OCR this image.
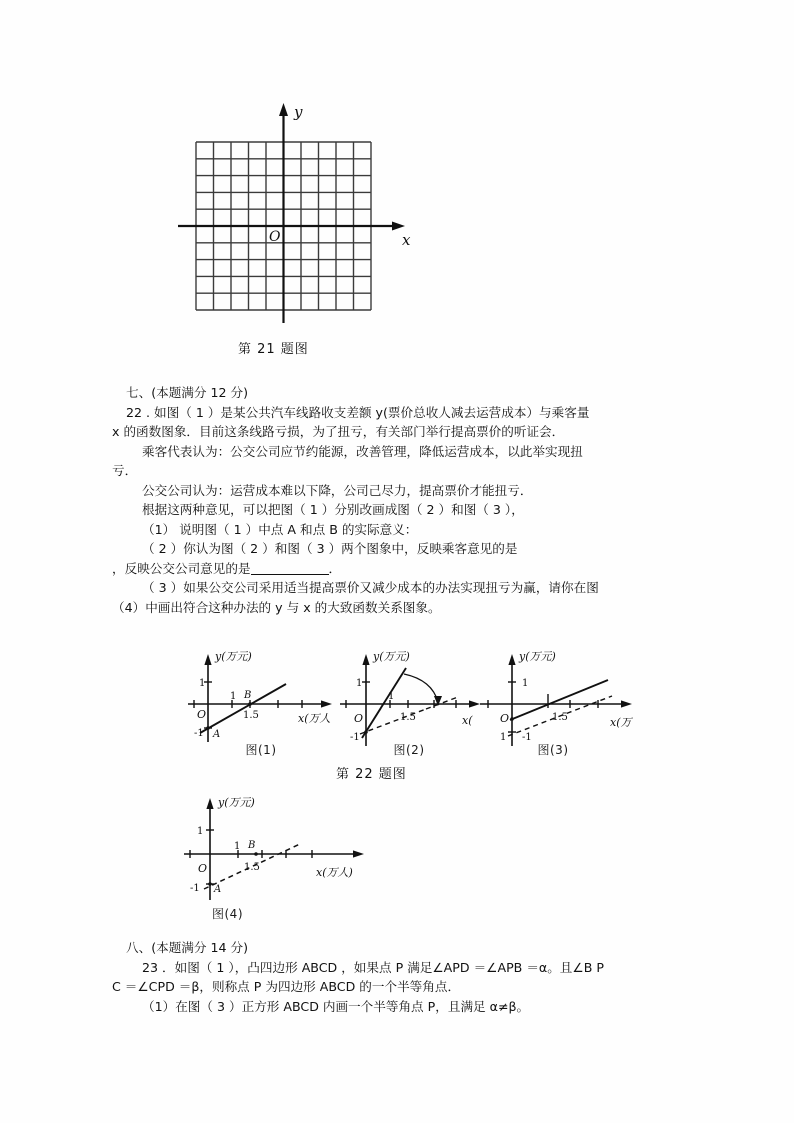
y
x
O
第 21 题图
七、(本题满分 12 分)
22 . 如图（ 1 ）是某公共汽车线路收支差额 y(票价总收人减去运营成本）与乘客量
x 的函数图象．目前这条线路亏损，为了扭亏，有关部门举行提高票价的听证会．
乘客代表认为：公交公司应节约能源，改善管理，降低运营成本，以此举实现扭
亏．
公交公司认为：运营成本难以下降，公司己尽力，提高票价才能扭亏．
根据这两种意见，可以把图（ 1 ）分别改画成图（ 2 ）和图（ 3 ），
（1） 说明图（ 1 ）中点 A 和点 B 的实际意义：
（ 2 ）你认为图（ 2 ）和图（ 3 ）两个图象中，反映乘客意见的是
，反映公交公司意见的是	．
（ 3 ）如果公交公司采用适当提高票价又减少成本的办法实现扭亏为赢，请你在图
（4）中画出符合这种办法的 y 与 x 的大致函数关系图象。
y(万元)
x(万人
O
1
1
B
1.5
-1 A
图(1)
y(万元)
x(
O
1
1
1.5
-1
图(2)
y(万元)
x(万
O
1
1.5
-1
1
图(3)
第 22 题图
y(万元)
x(万人)
O
1
1
B
1.5
-1 A
图(4)
八、(本题满分 14 分)
23 ．如图（ 1 ），凸四边形 ABCD ，如果点 P 满足∠APD ＝∠APB ＝α。且∠B P
C ＝∠CPD ＝β，则称点 P 为四边形 ABCD 的一个半等角点．
（1）在图（ 3 ）正方形 ABCD 内画一个半等角点 P，且满足 α≠β。
